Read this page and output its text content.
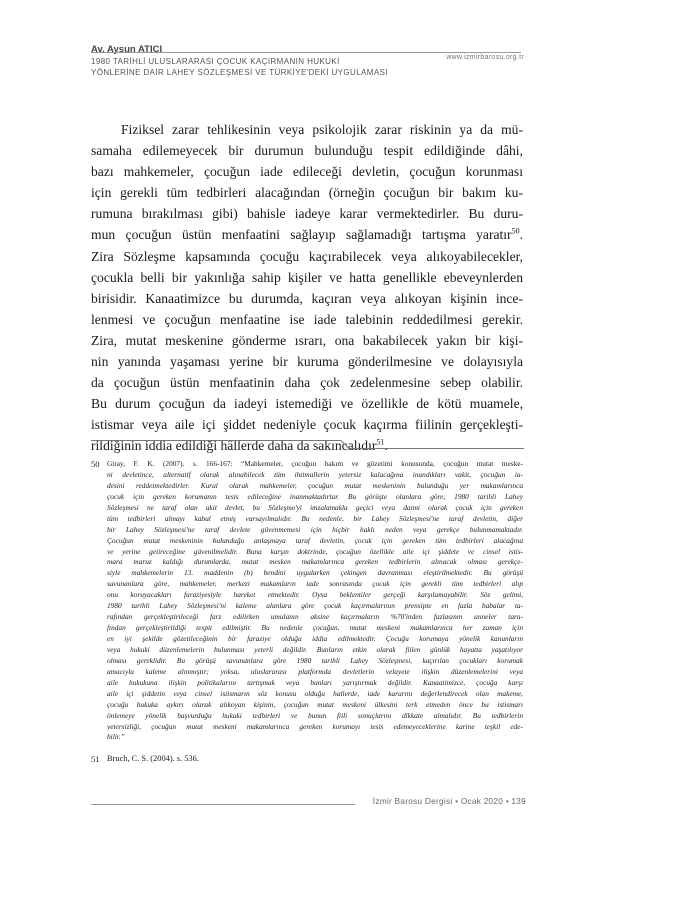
Av. Aysun ATICI
www.izmirbarosu.org.tr
1980 TARİHLİ ULUSLARARASI ÇOCUK KAÇIRMANIN HUKUKİ
YÖNLERİNE DAİR LAHEY SÖZLEŞMESİ VE TÜRKİYE'DEKİ UYGULAMASI
Fiziksel zarar tehlikesinin veya psikolojik zarar riskinin ya da mü-
samaha edilemeyecek bir durumun bulunduğu tespit edildiğinde dâhi,
bazı mahkemeler, çocuğun iade edileceği devletin, çocuğun korunması
için gerekli tüm tedbirleri alacağından (örneğin çocuğun bir bakım ku-
rumuna bırakılması gibi) bahisle iadeye karar vermektedirler. Bu duru-
mun çocuğun üstün menfaatini sağlayıp sağlamadığı tartışma yaratır$^{50}$.
Zira Sözleşme kapsamında çocuğu kaçırabilecek veya alıkoyabilecekler,
çocukla belli bir yakınlığa sahip kişiler ve hatta genellikle ebeveynlerden
birisidir. Kanaatimizce bu durumda, kaçıran veya alıkoyan kişinin ince-
lenmesi ve çocuğun menfaatine ise iade talebinin reddedilmesi gerekir.
Zira, mutat meskenine gönderme ısrarı, ona bakabilecek yakın bir kişi-
nin yanında yaşaması yerine bir kuruma gönderilmesine ve dolayısıyla
da çocuğun üstün menfaatinin daha çok zedelenmesine sebep olabilir.
Bu durum çocuğun da iadeyi istemediği ve özellikle de kötü muamele,
istismar veya aile içi şiddet nedeniyle çocuk kaçırma fiilinin gerçekleşti-
rildiğinin iddia edildiği hâllerde daha da sakıncalıdır$^{51}$.
50 Giray, F. K. (2007). s. 166-167: “Mahkemeler, çocuğun bakım ve gözetimi konusunda, çocuğun mutat meske-
ni devletince, alternatif olarak alınabilecek tüm ihtimallerin yetersiz kalacağına inandıkları vakit, çocuğun ia-
desini reddetmektedirler. Kural olarak mahkemeler, çocuğun mutat meskeninin bulunduğu yer makamlarınca
çocuk için gereken korumanın tesis edileceğine inanmaktadırlar. Bu görüşte olanlara göre, 1980 tarihli Lahey
Sözleşmesi ne taraf olan akit devlet, bu Sözleşme'yi imzalamakla geçici veya daimi olarak çocuk için gereken
tüm tedbirleri almayı kabul etmiş varsayılmalıdır. Bu nedenle, bir Lahey Sözleşmesi'ne taraf devletin, diğer
bir Lahey Sözleşmesi'ne taraf devlete güvenmemesi için hiçbir haklı neden veya gerekçe bulunmamaktadır.
Çocuğun mutat meskeninin bulunduğu anlaşmaya taraf devletin, çocuk için gereken tüm tedbirleri alacağına
ve yerine getireceğine güvenilmelidir. Buna karşın doktrinde, çocuğun özellikle aile içi şiddete ve cinsel istis-
mara maruz kaldığı durumlarda, mutat mesken makamlarınca gereken tedbirlerin alınacak olması gerekçe-
siyle mahkemelerin 13. maddenin (b) bendini uygularken çekingen davranması eleştirilmektedir. Bu görüşü
savunanlara göre, mahkemeler, merkezi makamların iade sonrasında çocuk için gerekli tüm tedbirleri alıp
onu koruyacakları faraziyesiyle hareket etmektedir. Oysa beklentiler gerçeği karşılamayabilir. Söz gelimi,
1980 tarihli Lahey Sözleşmesi'ni kaleme alanlara göre çocuk kaçırmalarının prensipte en fazla babalar ta-
rafından gerçekleştirileceği farz edilirken umulanın aksine kaçırmaların %70'inden fazlasının anneler tara-
fından gerçekleştirildiği tespit edilmiştir. Bu nedenle çocuğun, mutat meskeni makamlarınca her zaman için
en iyi şekilde gözetileceğinin bir faraziye olduğu iddia edilmektedir. Çocuğu korumaya yönelik kanunların
veya hukuki düzenlemelerin bulunması yeterli değildir. Bunların etkin olarak fiilen günlük hayatta yaşatılıyor
olması gereklidir. Bu görüşü savunanlara göre 1980 tarihli Lahey Sözleşmesi, kaçırılan çocukları korumak
amacıyla kaleme alınmıştır; yoksa, uluslararası platformda devletlerin velayete ilişkin düzenlemelerini veya
aile hukukuna ilişkin politikalarını tartışmak veya bunları yarıştırmak değildir. Kanaatimizce, çocuğa karşı
aile içi şiddetin veya cinsel istismarın söz konusu olduğu hallerde, iade kararını değerlendirecek olan makeme,
çocuğu hukuka aykırı olarak alıkoyan kişinin, çocuğun mutat meskeni ülkesini terk etmeden önce bu istismarı
önlemeye yönelik başvurduğu hukuki tedbirleri ve bunun fiili sonuçlarını dikkate almalıdır. Bu tedbirlerin
yetersizliği, çocuğun mutat meskeni makamlarınca gereken korumayı tesis edemeyeceklerine karine teşkil ede-
bilir.”
51 Bruch, C. S. (2004). s. 536.
İzmir Barosu Dergisi • Ocak 2020 • 139
